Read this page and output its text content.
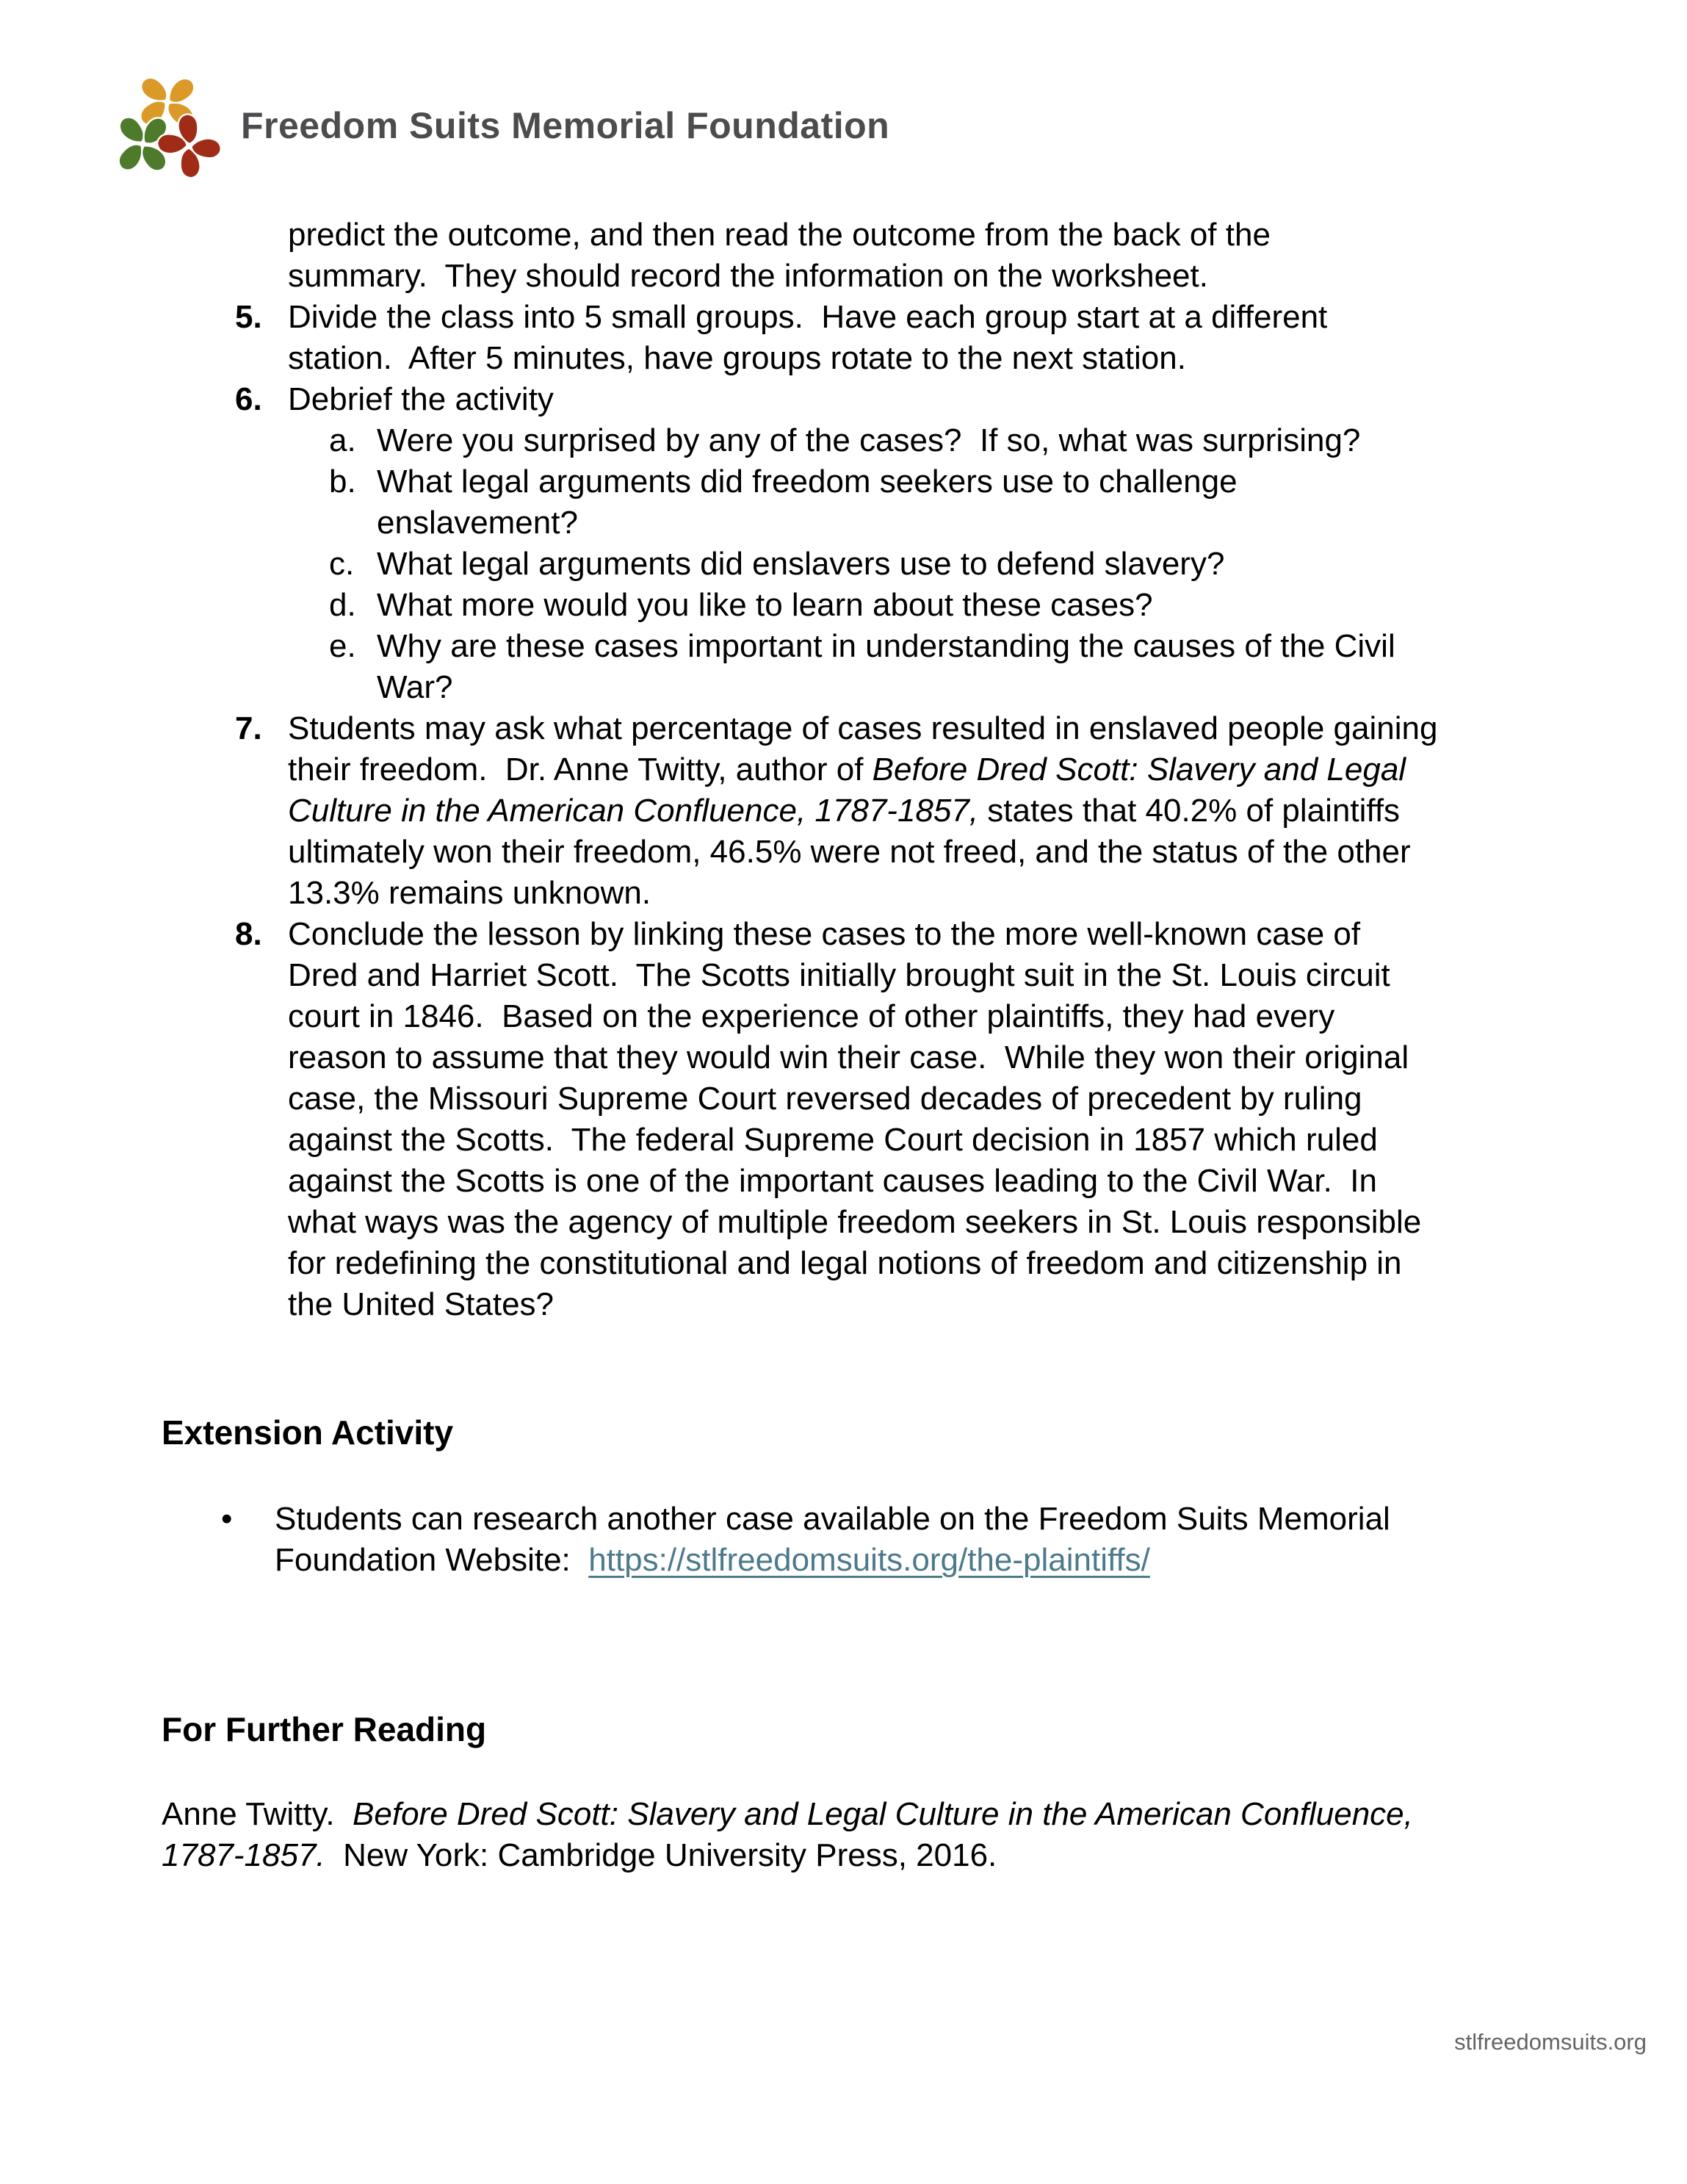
Freedom Suits Memorial Foundation
predict the outcome, and then read the outcome from the back of the
summary.  They should record the information on the worksheet.
5. Divide the class into 5 small groups.  Have each group start at a different
station.  After 5 minutes, have groups rotate to the next station.
6. Debrief the activity
a. Were you surprised by any of the cases?  If so, what was surprising?
b. What legal arguments did freedom seekers use to challenge
enslavement?
c. What legal arguments did enslavers use to defend slavery?
d. What more would you like to learn about these cases?
e. Why are these cases important in understanding the causes of the Civil
War?
7. Students may ask what percentage of cases resulted in enslaved people gaining
their freedom.  Dr. Anne Twitty, author of Before Dred Scott: Slavery and Legal
Culture in the American Confluence, 1787-1857, states that 40.2% of plaintiffs
ultimately won their freedom, 46.5% were not freed, and the status of the other
13.3% remains unknown.
8. Conclude the lesson by linking these cases to the more well-known case of
Dred and Harriet Scott.  The Scotts initially brought suit in the St. Louis circuit
court in 1846.  Based on the experience of other plaintiffs, they had every
reason to assume that they would win their case.  While they won their original
case, the Missouri Supreme Court reversed decades of precedent by ruling
against the Scotts.  The federal Supreme Court decision in 1857 which ruled
against the Scotts is one of the important causes leading to the Civil War.  In
what ways was the agency of multiple freedom seekers in St. Louis responsible
for redefining the constitutional and legal notions of freedom and citizenship in
the United States?
Extension Activity
•	Students can research another case available on the Freedom Suits Memorial
Foundation Website:  https://stlfreedomsuits.org/the-plaintiffs/
For Further Reading
Anne Twitty.  Before Dred Scott: Slavery and Legal Culture in the American Confluence,
1787-1857.  New York: Cambridge University Press, 2016.
stlfreedomsuits.org
